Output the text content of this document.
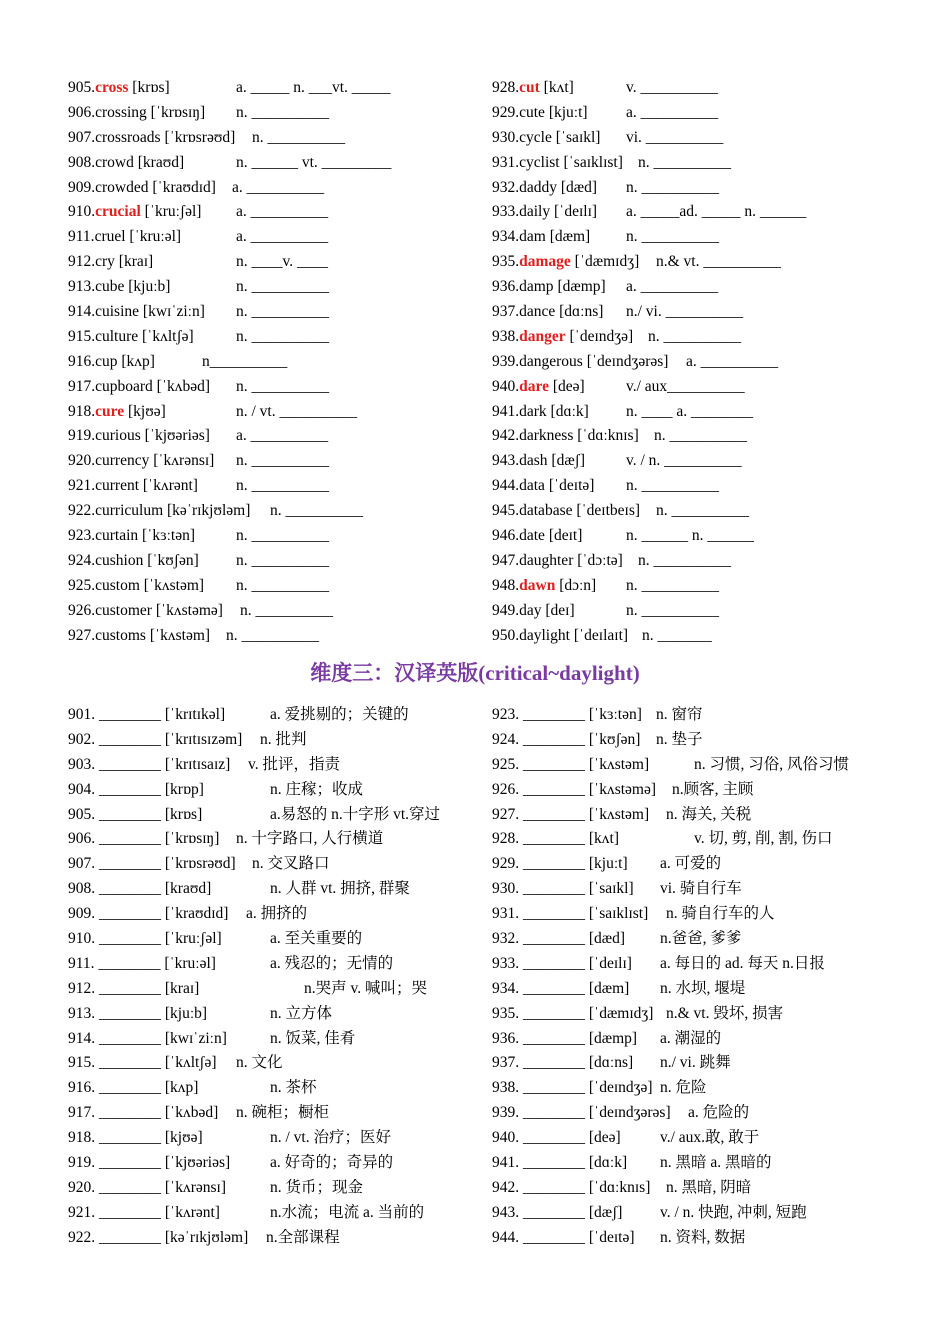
905.cross [krɒs]	a. _____ n. ___vt. _____
906.crossing [ˈkrɒsɪŋ] n. __________
907.crossroads [ˈkrɒsrəʊd] n. __________
908.crowd [kraʊd]	n. ______ vt. _________
909.crowded [ˈkraʊdɪd] a. __________
910.crucial [ˈkruːʃəl] a. __________
911.cruel [ˈkruːəl]	a. __________
912.cry [kraɪ]	n. ____v. ____
913.cube [kjuːb]	n. __________
914.cuisine [kwɪˈziːn] n. __________
915.culture [ˈkʌltʃə]	n. __________
916.cup [kʌp]	n__________
917.cupboard [ˈkʌbəd] n. __________
918.cure [kjʊə]	n. / vt. __________
919.curious [ˈkjʊəriəs] a. __________
920.currency [ˈkʌrənsɪ] n. __________
921.current [ˈkʌrənt] n. __________
922.curriculum [kəˈrɪkjʊləm] n. __________
923.curtain [ˈkɜːtən]	n. __________
924.cushion [ˈkʊʃən] n. __________
925.custom [ˈkʌstəm] n. __________
926.customer [ˈkʌstəmə] n. __________
927.customs [ˈkʌstəm] n. __________
928.cut [kʌt]	v. __________
929.cute [kjuːt] a. __________
930.cycle [ˈsaɪkl] vi. __________
931.cyclist [ˈsaɪklɪst] n. __________
932.daddy [dæd] n. __________
933.daily [ˈdeɪlɪ] a. _____ad. _____ n. ______
934.dam [dæm] n. __________
935.damage [ˈdæmɪdʒ] n.& vt. __________
936.damp [dæmp] a. __________
937.dance [dɑːns] n./ vi. __________
938.danger [ˈdeɪndʒə] n. __________
939.dangerous [ˈdeɪndʒərəs] a. __________
940.dare [deə]	v./ aux__________
941.dark [dɑːk] n. ____ a. ________
942.darkness [ˈdɑːknɪs] n. __________
943.dash [dæʃ]	v. / n. __________
944.data [ˈdeɪtə] n. __________
945.database [ˈdeɪtbeɪs] n. __________
946.date [deɪt]	n. ______ n. ______
947.daughter [ˈdɔːtə] n. __________
948.dawn [dɔːn] n. __________
949.day [deɪ]	n. __________
950.daylight [ˈdeɪlaɪt] n. _______
维度三：汉译英版(critical~daylight)
901. ________ [ˈkrɪtɪkəl]	a. 爱挑剔的；关键的
902. ________ [ˈkrɪtɪsɪzəm] n. 批判
903. ________ [ˈkrɪtɪsaɪz] v. 批评，指责
904. ________ [krɒp]	n. 庄稼；收成
905. ________ [krɒs]	a.易怒的 n.十字形 vt.穿过
906. ________ [ˈkrɒsɪŋ] n. 十字路口, 人行横道
907. ________ [ˈkrɒsrəʊd] n. 交叉路口
908. ________ [kraʊd]	n. 人群 vt. 拥挤, 群聚
909. ________ [ˈkraʊdɪd] a. 拥挤的
910. ________ [ˈkruːʃəl]	a. 至关重要的
911. ________ [ˈkruːəl]	a. 残忍的；无情的
912. ________ [kraɪ]	n.哭声 v. 喊叫；哭
913. ________ [kjuːb]	n. 立方体
914. ________ [kwɪˈziːn]	n. 饭菜, 佳肴
915. ________ [ˈkʌltʃə] n. 文化
916. ________ [kʌp]	n. 茶杯
917. ________ [ˈkʌbəd] n. 碗柜；橱柜
918. ________ [kjʊə]	n. / vt. 治疗；医好
919. ________ [ˈkjʊəriəs]	a. 好奇的；奇异的
920. ________ [ˈkʌrənsɪ]	n. 货币；现金
921. ________ [ˈkʌrənt]	n.水流；电流 a. 当前的
922. ________ [kəˈrɪkjʊləm] n.全部课程
923. ________ [ˈkɜːtən] n. 窗帘
924. ________ [ˈkʊʃən] n. 垫子
925. ________ [ˈkʌstəm]	n. 习惯, 习俗, 风俗习惯
926. ________ [ˈkʌstəmə] n.顾客, 主顾
927. ________ [ˈkʌstəm] n. 海关, 关税
928. ________ [kʌt]	v. 切, 剪, 削, 割, 伤口
929. ________ [kjuːt] a. 可爱的
930. ________ [ˈsaɪkl] vi. 骑自行车
931. ________ [ˈsaɪklɪst] n. 骑自行车的人
932. ________ [dæd] n.爸爸, 爹爹
933. ________ [ˈdeɪlɪ] a. 每日的 ad. 每天 n.日报
934. ________ [dæm] n. 水坝, 堰堤
935. ________ [ˈdæmɪdʒ] n.& vt. 毁坏, 损害
936. ________ [dæmp] a. 潮湿的
937. ________ [dɑːns] n./ vi. 跳舞
938. ________ [ˈdeɪndʒə] n. 危险
939. ________ [ˈdeɪndʒərəs] a. 危险的
940. ________ [deə]	v./ aux.敢, 敢于
941. ________ [dɑːk] n. 黑暗 a. 黑暗的
942. ________ [ˈdɑːknɪs] n. 黑暗, 阴暗
943. ________ [dæʃ] v. / n. 快跑, 冲刺, 短跑
944. ________ [ˈdeɪtə] n. 资料, 数据
